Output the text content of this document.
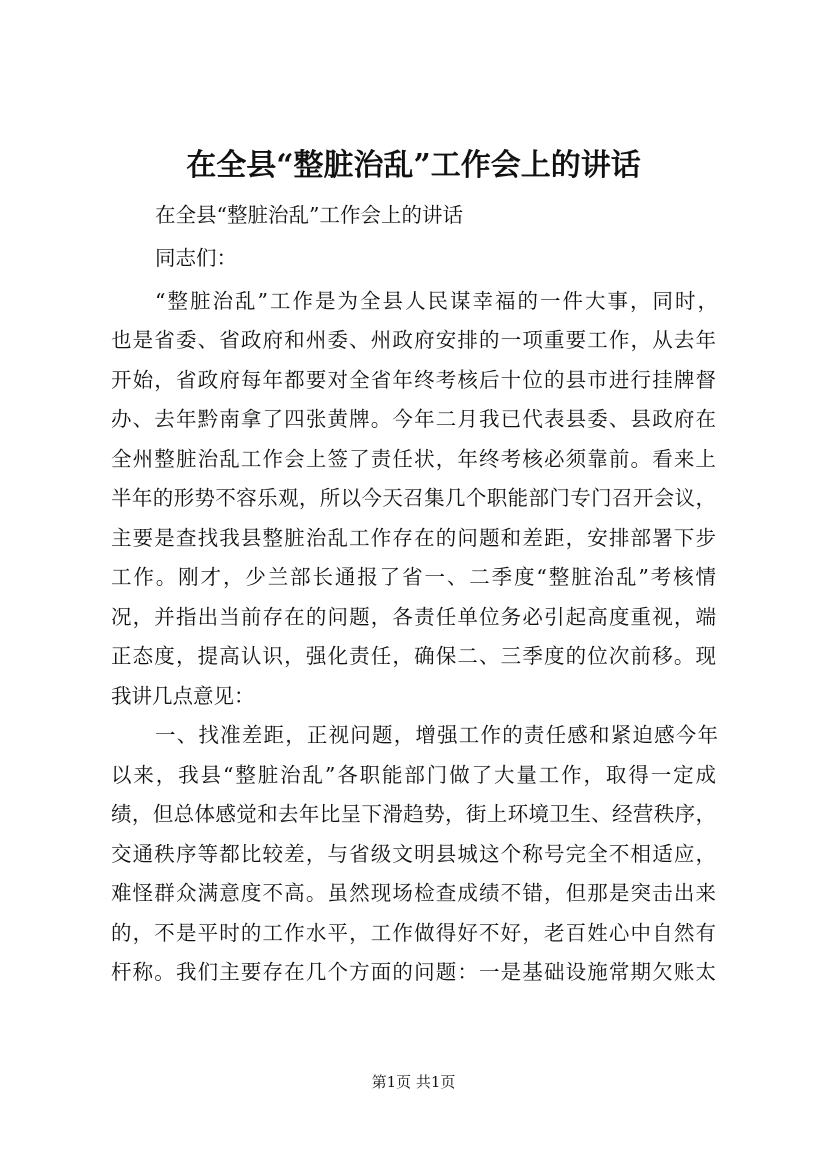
在全县“整脏治乱”工作会上的讲话

在全县“整脏治乱”工作会上的讲话

同志们：

“整脏治乱”工作是为全县人民谋幸福的一件大事，同时，

也是省委、省政府和州委、州政府安排的一项重要工作，从去年

开始，省政府每年都要对全省年终考核后十位的县市进行挂牌督

办、去年黔南拿了四张黄牌。今年二月我已代表县委、县政府在

全州整脏治乱工作会上签了责任状，年终考核必须靠前。看来上

半年的形势不容乐观，所以今天召集几个职能部门专门召开会议，

主要是查找我县整脏治乱工作存在的问题和差距，安排部署下步

工作。刚才，少兰部长通报了省一、二季度“整脏治乱”考核情

况，并指出当前存在的问题，各责任单位务必引起高度重视，端

正态度，提高认识，强化责任，确保二、三季度的位次前移。现

我讲几点意见：

一、找准差距，正视问题，增强工作的责任感和紧迫感今年

以来，我县“整脏治乱”各职能部门做了大量工作，取得一定成

绩，但总体感觉和去年比呈下滑趋势，街上环境卫生、经营秩序，

交通秩序等都比较差，与省级文明县城这个称号完全不相适应，

难怪群众满意度不高。虽然现场检查成绩不错，但那是突击出来

的，不是平时的工作水平，工作做得好不好，老百姓心中自然有

杆称。我们主要存在几个方面的问题：一是基础设施常期欠账太

第1页 共1页
